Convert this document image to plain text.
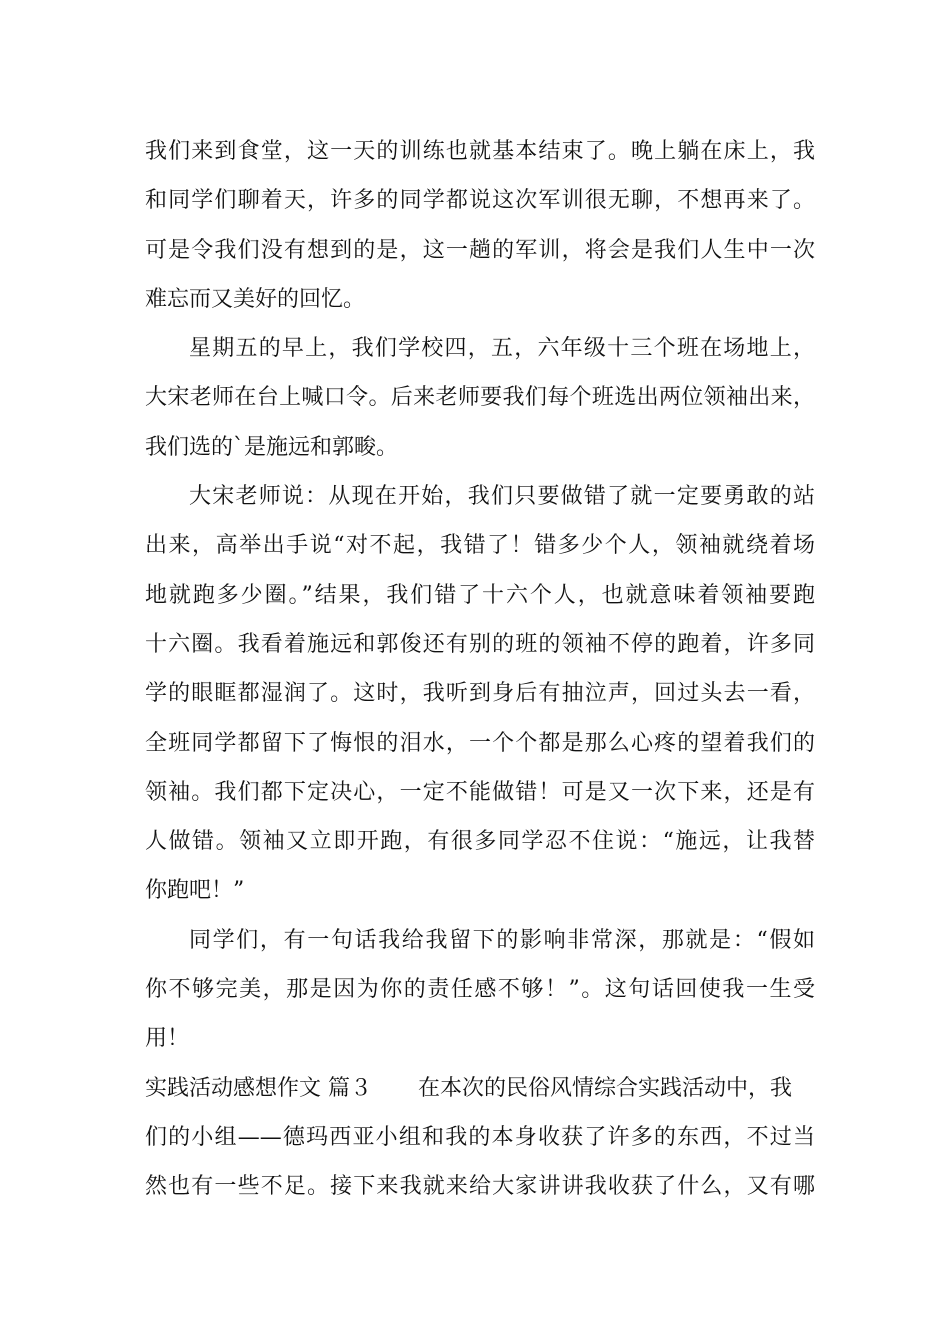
我们来到食堂，这一天的训练也就基本结束了。晚上躺在床上，我
和同学们聊着天，许多的同学都说这次军训很无聊，不想再来了。
可是令我们没有想到的是，这一趟的军训，将会是我们人生中一次
难忘而又美好的回忆。
星期五的早上，我们学校四，五，六年级十三个班在场地上，
大宋老师在台上喊口令。后来老师要我们每个班选出两位领袖出来，
我们选的`是施远和郭畯。
大宋老师说：从现在开始，我们只要做错了就一定要勇敢的站
出来，高举出手说“对不起，我错了！错多少个人，领袖就绕着场
地就跑多少圈。”结果，我们错了十六个人，也就意味着领袖要跑
十六圈。我看着施远和郭俊还有别的班的领袖不停的跑着，许多同
学的眼眶都湿润了。这时，我听到身后有抽泣声，回过头去一看，
全班同学都留下了悔恨的泪水，一个个都是那么心疼的望着我们的
领袖。我们都下定决心，一定不能做错！可是又一次下来，还是有
人做错。领袖又立即开跑，有很多同学忍不住说：“施远，让我替
你跑吧！”
同学们，有一句话我给我留下的影响非常深，那就是：“假如
你不够完美，那是因为你的责任感不够！”。这句话回使我一生受
用！
实践活动感想作文 篇３ 在本次的民俗风情综合实践活动中，我
们的小组——德玛西亚小组和我的本身收获了许多的东西，不过当
然也有一些不足。接下来我就来给大家讲讲我收获了什么，又有哪
